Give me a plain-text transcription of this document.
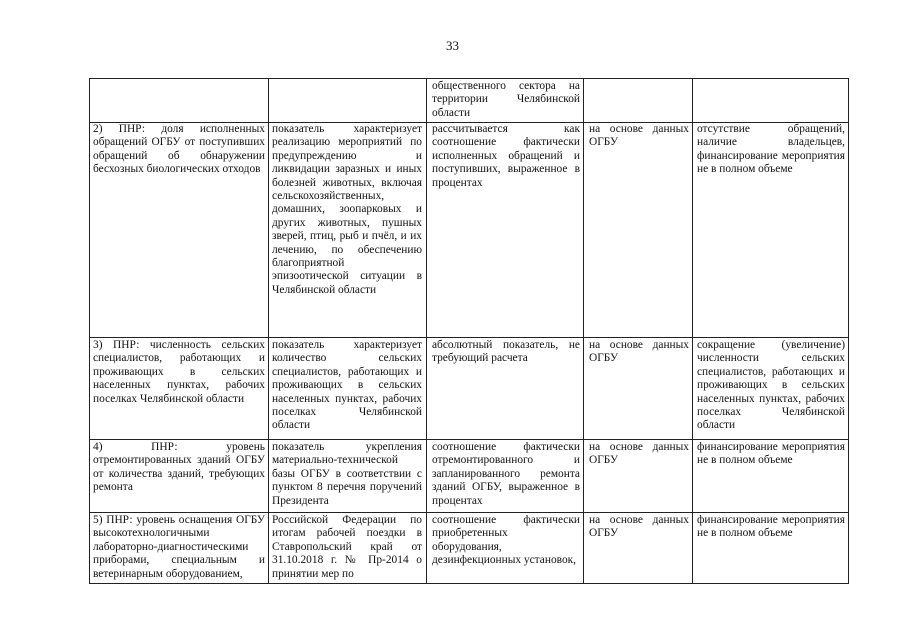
33
общественного сектора на территории Челябинской области
2) ПНР: доля исполненных обращений ОГБУ от поступивших обращений об обнаружении бесхозных биологических отходов
показатель характеризует реализацию мероприятий по предупреждению и ликвидации заразных и иных болезней животных, включая сельскохозяйственных, домашних, зоопарковых и других животных, пушных зверей, птиц, рыб и пчёл, и их лечению, по обеспечению благоприятной эпизоотической ситуации в Челябинской области
рассчитывается как соотношение фактически исполненных обращений и поступивших, выраженное в процентах
на основе данных ОГБУ
отсутствие обращений, наличие владельцев, финансирование мероприятия не в полном объеме
3) ПНР: численность сельских специалистов, работающих и проживающих в сельских населенных пунктах, рабочих поселках Челябинской области
показатель характеризует количество сельских специалистов, работающих и проживающих в сельских населенных пунктах, рабочих поселках Челябинской области
абсолютный показатель, не требующий расчета
на основе данных ОГБУ
сокращение (увеличение) численности сельских специалистов, работающих и проживающих в сельских населенных пунктах, рабочих поселках Челябинской области
4) ПНР: уровень отремонтированных зданий ОГБУ от количества зданий, требующих ремонта
показатель укрепления материально-технической базы ОГБУ в соответствии с пунктом 8 перечня поручений Президента
соотношение фактически отремонтированного и запланированного ремонта зданий ОГБУ, выраженное в процентах
на основе данных ОГБУ
финансирование мероприятия не в полном объеме
5) ПНР: уровень оснащения ОГБУ высокотехнологичными лабораторно-диагностическими приборами, специальным и ветеринарным оборудованием,
Российской Федерации по итогам рабочей поездки в Ставропольский край от 31.10.2018 г. № Пр-2014 о принятии мер по
соотношение фактически приобретенных оборудования, дезинфекционных установок,
на основе данных ОГБУ
финансирование мероприятия не в полном объеме
